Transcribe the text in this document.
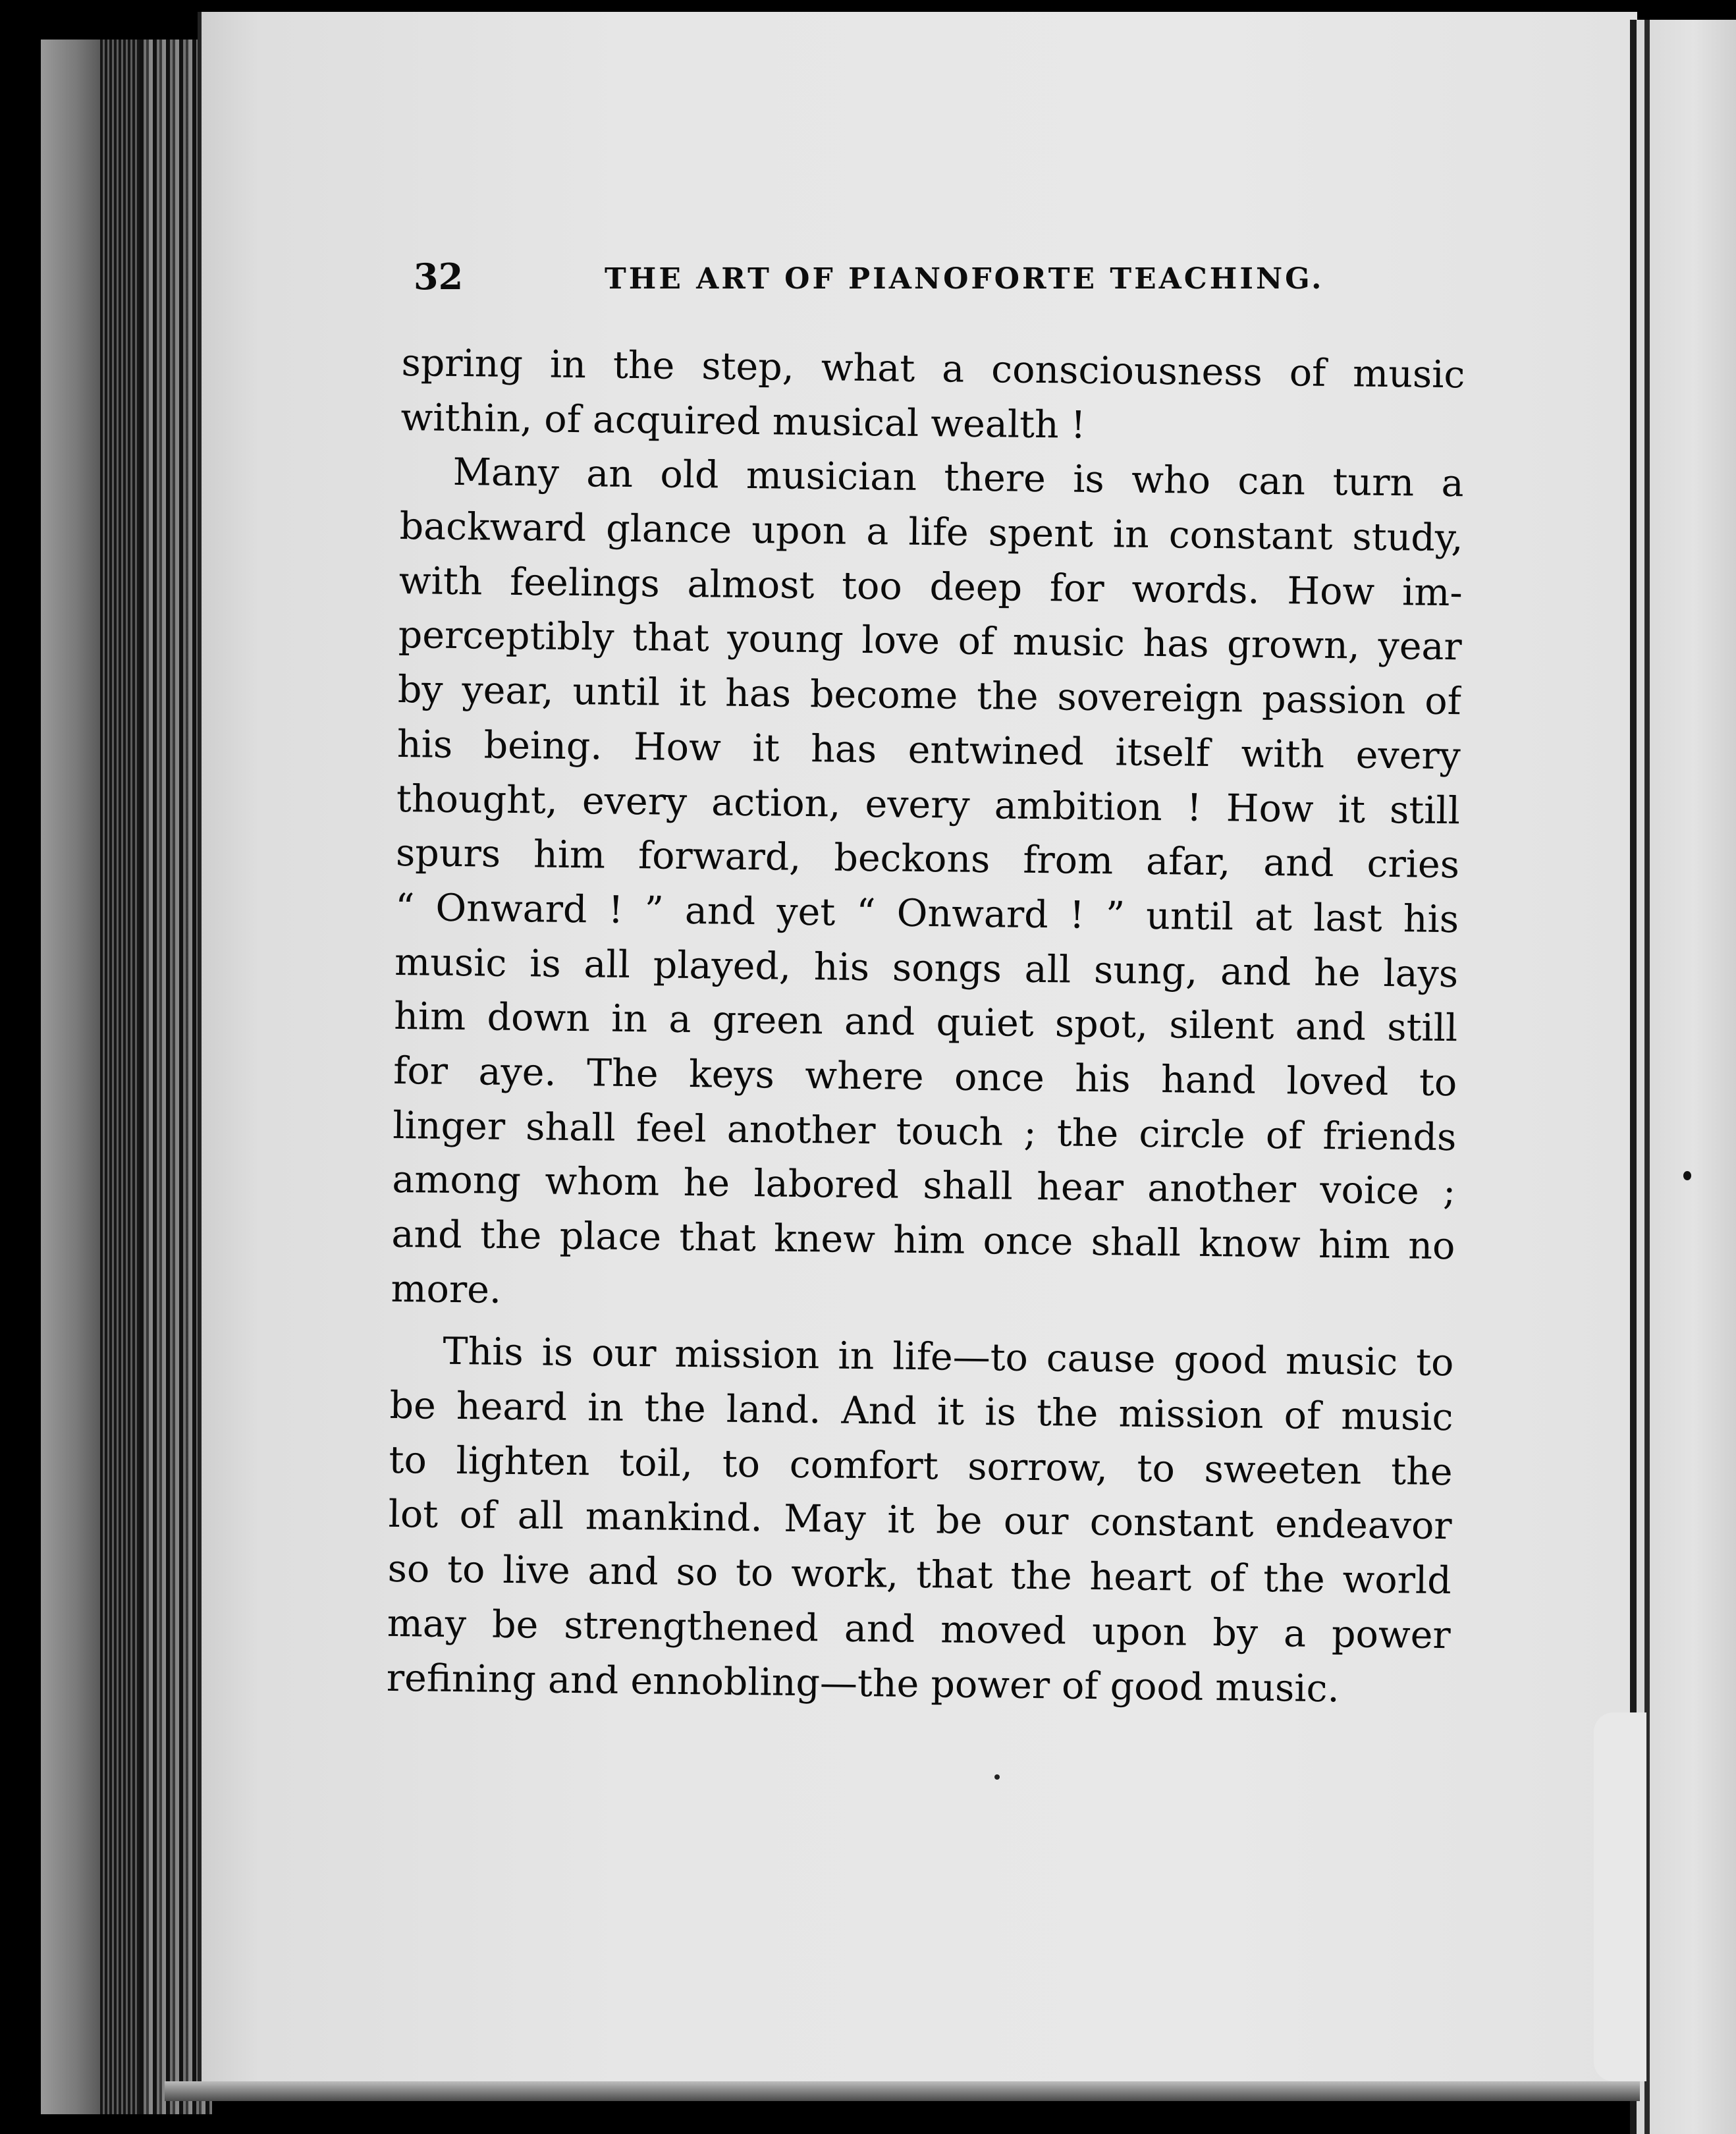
32	THE ART OF PIANOFORTE TEACHING.
spring in the step, what a consciousness of music
within, of acquired musical wealth !
Many an old musician there is who can turn a
backward glance upon a life spent in constant study,
with feelings almost too deep for words. How im-
perceptibly that young love of music has grown, year
by year, until it has become the sovereign passion of
his being. How it has entwined itself with every
thought, every action, every ambition ! How it still
spurs him forward, beckons from afar, and cries
“ Onward ! ” and yet “ Onward ! ” until at last his
music is all played, his songs all sung, and he lays
him down in a green and quiet spot, silent and still
for aye. The keys where once his hand loved to
linger shall feel another touch ; the circle of friends
among whom he labored shall hear another voice ;
and the place that knew him once shall know him no
more.
This is our mission in life—to cause good music to
be heard in the land. And it is the mission of music
to lighten toil, to comfort sorrow, to sweeten the
lot of all mankind. May it be our constant endeavor
so to live and so to work, that the heart of the world
may be strengthened and moved upon by a power
refining and ennobling—the power of good music.
